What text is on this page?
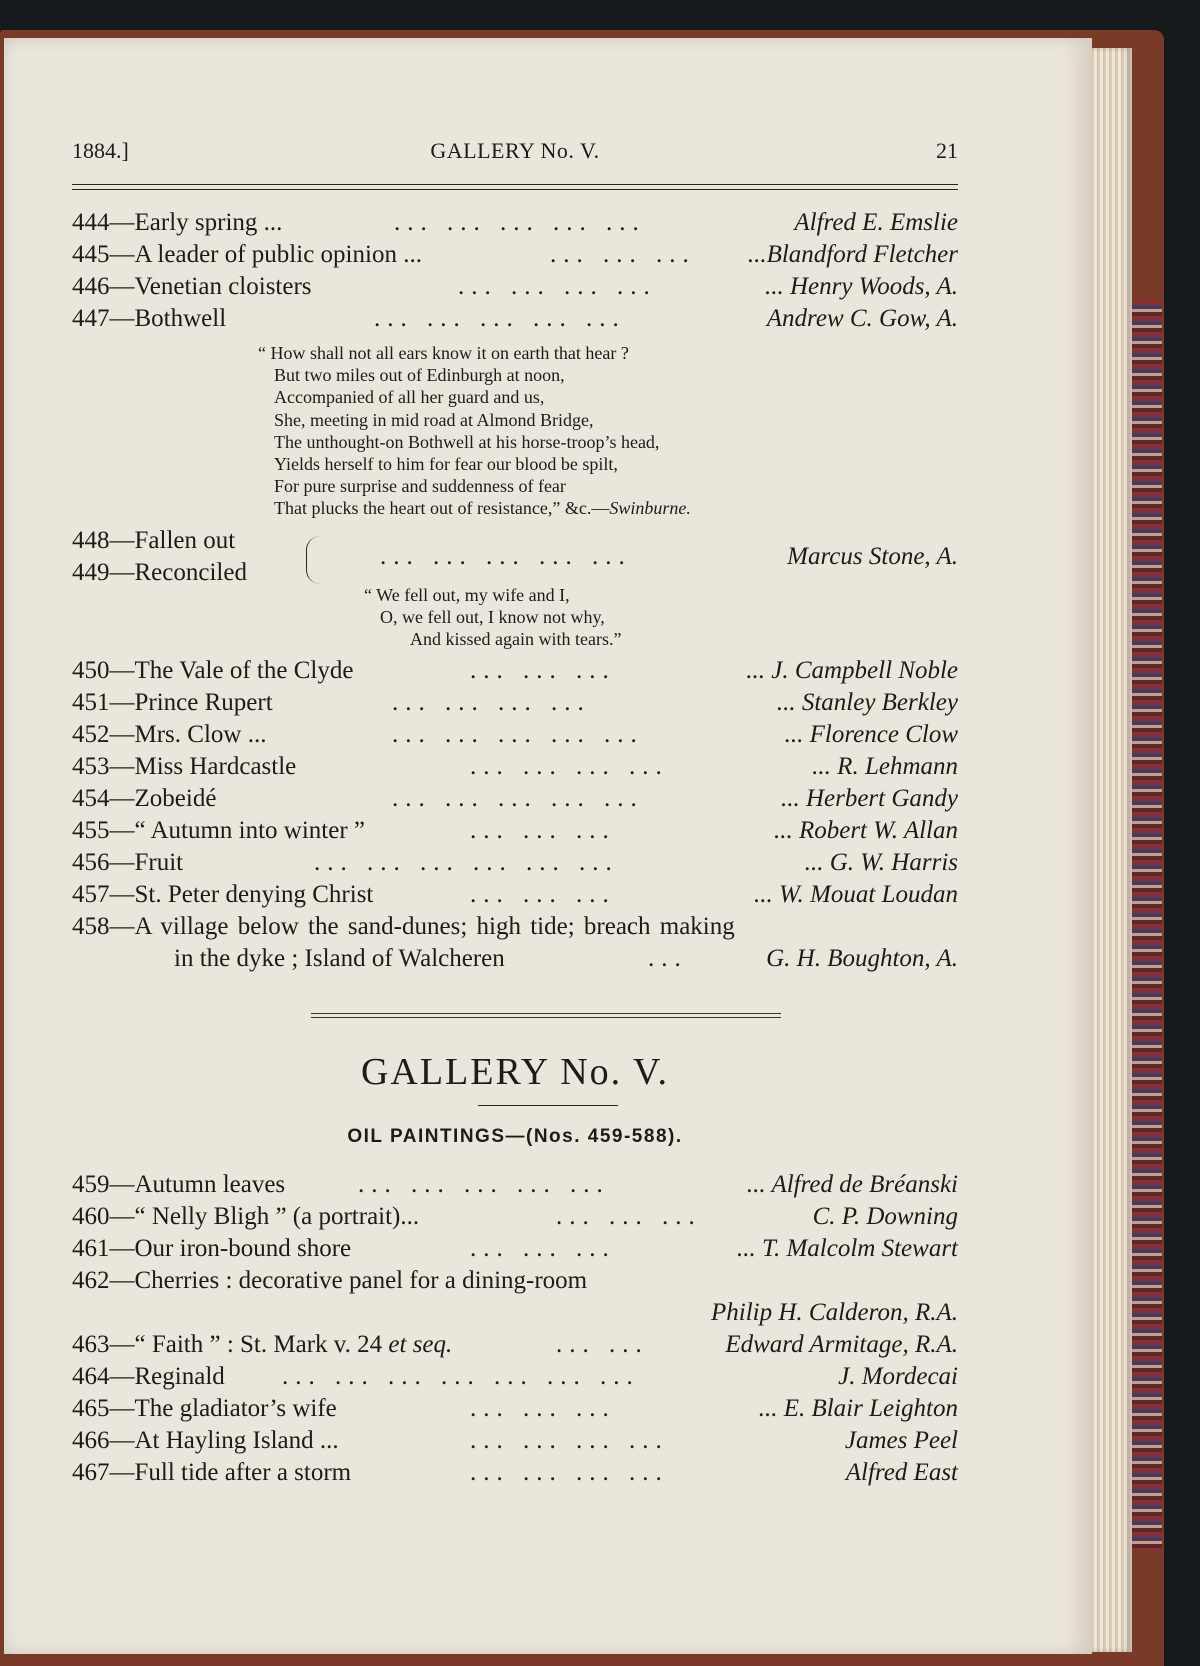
1884.]	GALLERY No. V.	21
444—Early spring ...	... ... ... ... ...	Alfred E. Emslie
445—A leader of public opinion ...	... ... ... ...Blandford Fletcher
446—Venetian cloisters	... ... ... ...	... Henry Woods, A.
447—Bothwell	... ... ... ... ...	Andrew C. Gow, A.
“ How shall not all ears know it on earth that hear ?
But two miles out of Edinburgh at noon,
Accompanied of all her guard and us,
She, meeting in mid road at Almond Bridge,
The unthought-on Bothwell at his horse-troop’s head,
Yields herself to him for fear our blood be spilt,
For pure surprise and suddenness of fear
That plucks the heart out of resistance,” &c.—Swinburne.
448—Fallen out
449—Reconciled
... ... ... ... ...	Marcus Stone, A.
“ We fell out, my wife and I,
O, we fell out, I know not why,
And kissed again with tears.”
450—The Vale of the Clyde	... ... ...	... J. Campbell Noble
451—Prince Rupert	... ... ... ...	... Stanley Berkley
452—Mrs. Clow ...	... ... ... ... ...	... Florence Clow
453—Miss Hardcastle	... ... ... ...	... R. Lehmann
454—Zobeidé	... ... ... ... ...	... Herbert Gandy
455—“ Autumn into winter ”	... ... ...	... Robert W. Allan
456—Fruit	... ... ... ... ... ...	... G. W. Harris
457—St. Peter denying Christ	... ... ...	... W. Mouat Loudan
458—A village below the sand-dunes; high tide; breach making
in the dyke ; Island of Walcheren	...	G. H. Boughton, A.
GALLERY No. V.
OIL PAINTINGS—(Nos. 459-588).
459—Autumn leaves	... ... ... ... ...	... Alfred de Bréanski
460—“ Nelly Bligh ” (a portrait)...	... ... ...	C. P. Downing
461—Our iron-bound shore	... ... ...	... T. Malcolm Stewart
462—Cherries : decorative panel for a dining-room
Philip H. Calderon, R.A.
463—“ Faith ” : St. Mark v. 24 et seq.	... ...	Edward Armitage, R.A.
464—Reginald ... ... ... ... ... ... ...	J. Mordecai
465—The gladiator’s wife	... ... ...	... E. Blair Leighton
466—At Hayling Island ...	... ... ... ...	James Peel
467—Full tide after a storm	... ... ... ...	Alfred East
